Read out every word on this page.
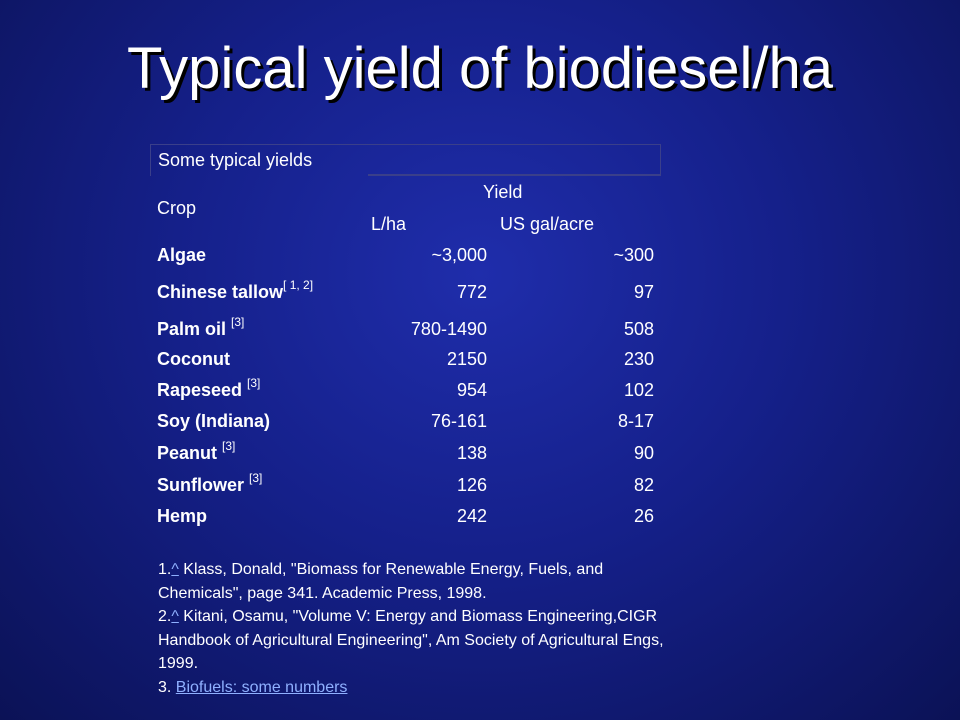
Typical yield of biodiesel/ha
Some typical yields
Crop
Yield
L/ha	US gal/acre
Algae	~3,000	~300
Chinese tallow[ 1, 2]	772	97
Palm oil [3]	780-1490	508
Coconut	2150	230
Rapeseed [3]	954	102
Soy (Indiana)	76-161	8-17
Peanut [3]	138	90
Sunflower [3]	126	82
Hemp	242	26
1.^ Klass, Donald, "Biomass for Renewable Energy, Fuels, and Chemicals", page 341. Academic Press, 1998.
2.^ Kitani, Osamu, "Volume V: Energy and Biomass Engineering,CIGR Handbook of Agricultural Engineering", Am Society of Agricultural Engs, 1999.
3. Biofuels: some numbers
